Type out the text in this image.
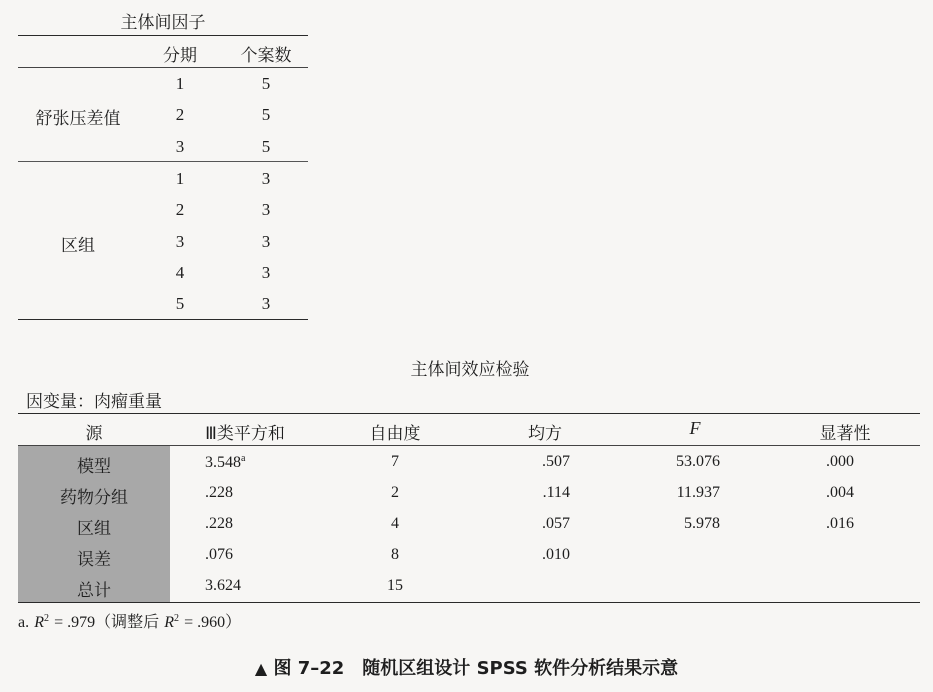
主体间因子
分期	个案数
舒张压差值
1	5
2	5
3	5
区组
1	3
2	3
3	3
4	3
5	3
主体间效应检验
因变量：肉瘤重量
源	Ⅲ类平方和	自由度	均方	F	显著性
模型	3.548$^a$	7	.507	53.076	.000
药物分组	.228	2	.114	11.937	.004
区组	.228	4	.057	5.978	.016
误差	.076	8	.010
总计	3.624	15
a. $R^2 = .979$（调整后 $R^2 = .960$）
▲ 图 7–22　随机区组设计 SPSS 软件分析结果示意
